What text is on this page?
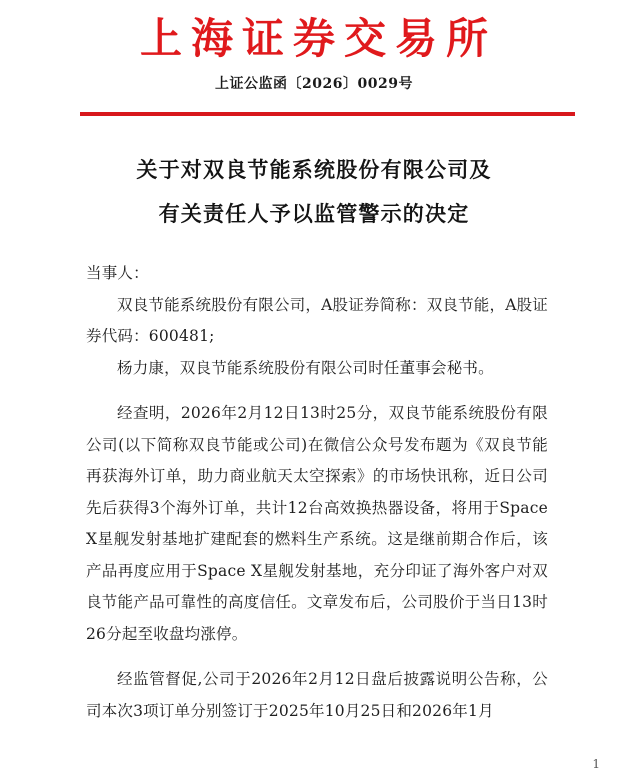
上海证券交易所
上证公监函〔2026〕0029号
关于对双良节能系统股份有限公司及
有关责任人予以监管警示的决定

当事人：

双良节能系统股份有限公司，A股证券简称：双良节能，A股证券代码：600481;

杨力康，双良节能系统股份有限公司时任董事会秘书。

经查明，2026年2月12日13时25分，双良节能系统股份有限公司(以下简称双良节能或公司)在微信公众号发布题为《双良节能再获海外订单，助力商业航天太空探索》的市场快讯称，近日公司先后获得3个海外订单，共计12台高效换热器设备，将用于Space X星舰发射基地扩建配套的燃料生产系统。这是继前期合作后，该产品再度应用于Space X星舰发射基地，充分印证了海外客户对双良节能产品可靠性的高度信任。文章发布后，公司股价于当日13时26分起至收盘均涨停。

经监管督促,公司于2026年2月12日盘后披露说明公告称，公司本次3项订单分别签订于2025年10月25日和2026年1月

1
